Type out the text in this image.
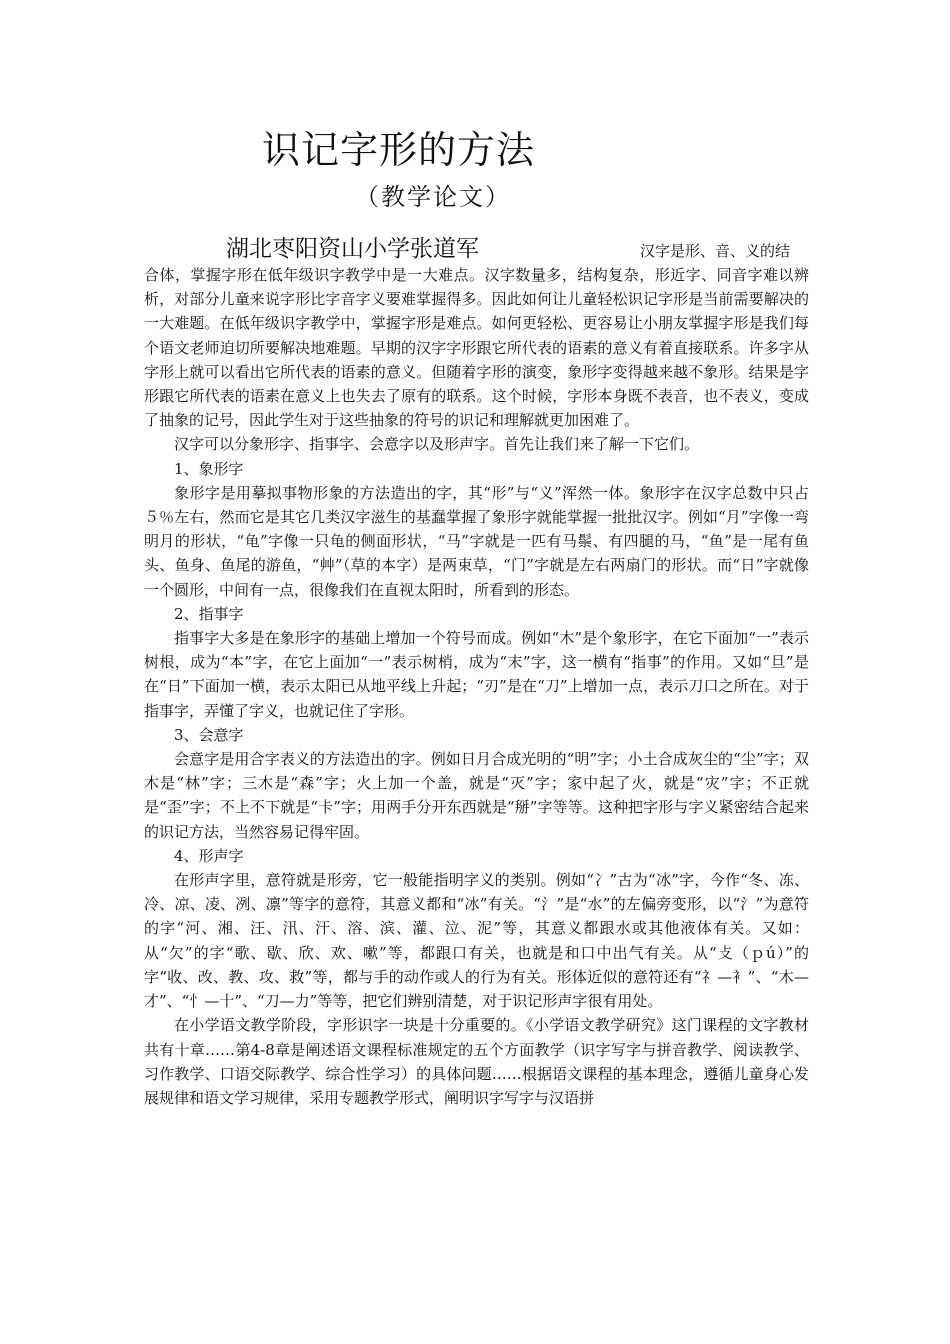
识记字形的方法
（教学论文）
湖北枣阳资山小学张道军	汉字是形、音、义的结

合体，掌握字形在低年级识字教学中是一大难点。汉字数量多，结构复杂，形近字、同音字难以辨析，对部分儿童来说字形比字音字义要难掌握得多。因此如何让儿童轻松识记字形是当前需要解决的一大难题。在低年级识字教学中，掌握字形是难点。如何更轻松、更容易让小朋友掌握字形是我们每个语文老师迫切所要解决地难题。早期的汉字字形跟它所代表的语素的意义有着直接联系。许多字从字形上就可以看出它所代表的语素的意义。但随着字形的演变，象形字变得越来越不象形。结果是字形跟它所代表的语素在意义上也失去了原有的联系。这个时候，字形本身既不表音，也不表义，变成了抽象的记号，因此学生对于这些抽象的符号的识记和理解就更加困难了。

汉字可以分象形字、指事字、会意字以及形声字。首先让我们来了解一下它们。

1、象形字

象形字是用摹拟事物形象的方法造出的字，其“形”与“义”浑然一体。象形字在汉字总数中只占５％左右，然而它是其它几类汉字滋生的基蠢掌握了象形字就能掌握一批批汉字。例如“月”字像一弯明月的形状，“龟”字像一只龟的侧面形状，“马”字就是一匹有马鬃、有四腿的马，“鱼”是一尾有鱼头、鱼身、鱼尾的游鱼，“艸”（草的本字）是两束草，“门”字就是左右两扇门的形状。而“日”字就像一个圆形，中间有一点，很像我们在直视太阳时，所看到的形态。

2、指事字

指事字大多是在象形字的基础上增加一个符号而成。例如“木”是个象形字，在它下面加“一”表示树根，成为“本”字，在它上面加“一”表示树梢，成为“末”字，这一横有“指事”的作用。又如“旦”是在“日”下面加一横，表示太阳已从地平线上升起；“刃”是在“刀”上增加一点，表示刀口之所在。对于指事字，弄懂了字义，也就记住了字形。

3、会意字

会意字是用合字表义的方法造出的字。例如日月合成光明的“明”字；小土合成灰尘的“尘”字；双木是“林”字；三木是“森”字；火上加一个盖，就是“灭”字；家中起了火，就是“灾”字；不正就是“歪”字；不上不下就是“卡”字；用两手分开东西就是“掰”字等等。这种把字形与字义紧密结合起来的识记方法，当然容易记得牢固。

4、形声字

在形声字里，意符就是形旁，它一般能指明字义的类别。例如“冫”古为“冰”字，今作“冬、冻、冷、凉、凌、冽、凛”等字的意符，其意义都和“冰”有关。“氵”是“水”的左偏旁变形，以“氵”为意符的字“河、湘、汪、汛、汗、溶、滨、灌、泣、泥”等，其意义都跟水或其他液体有关。又如：从“欠”的字“歌、歇、欣、欢、嗽”等，都跟口有关，也就是和口中出气有关。从“攴（ｐú）”的字“收、改、教、攻、救”等，都与手的动作或人的行为有关。形体近似的意符还有“礻—衤”、“木—才”、“忄—十”、“刀—力”等等，把它们辨别清楚，对于识记形声字很有用处。

在小学语文教学阶段，字形识字一块是十分重要的。《小学语文教学研究》这门课程的文字教材共有十章……第4-8章是阐述语文课程标准规定的五个方面教学（识字写字与拼音教学、阅读教学、习作教学、口语交际教学、综合性学习）的具体问题……根据语文课程的基本理念，遵循儿童身心发展规律和语文学习规律，采用专题教学形式，阐明识字写字与汉语拼
